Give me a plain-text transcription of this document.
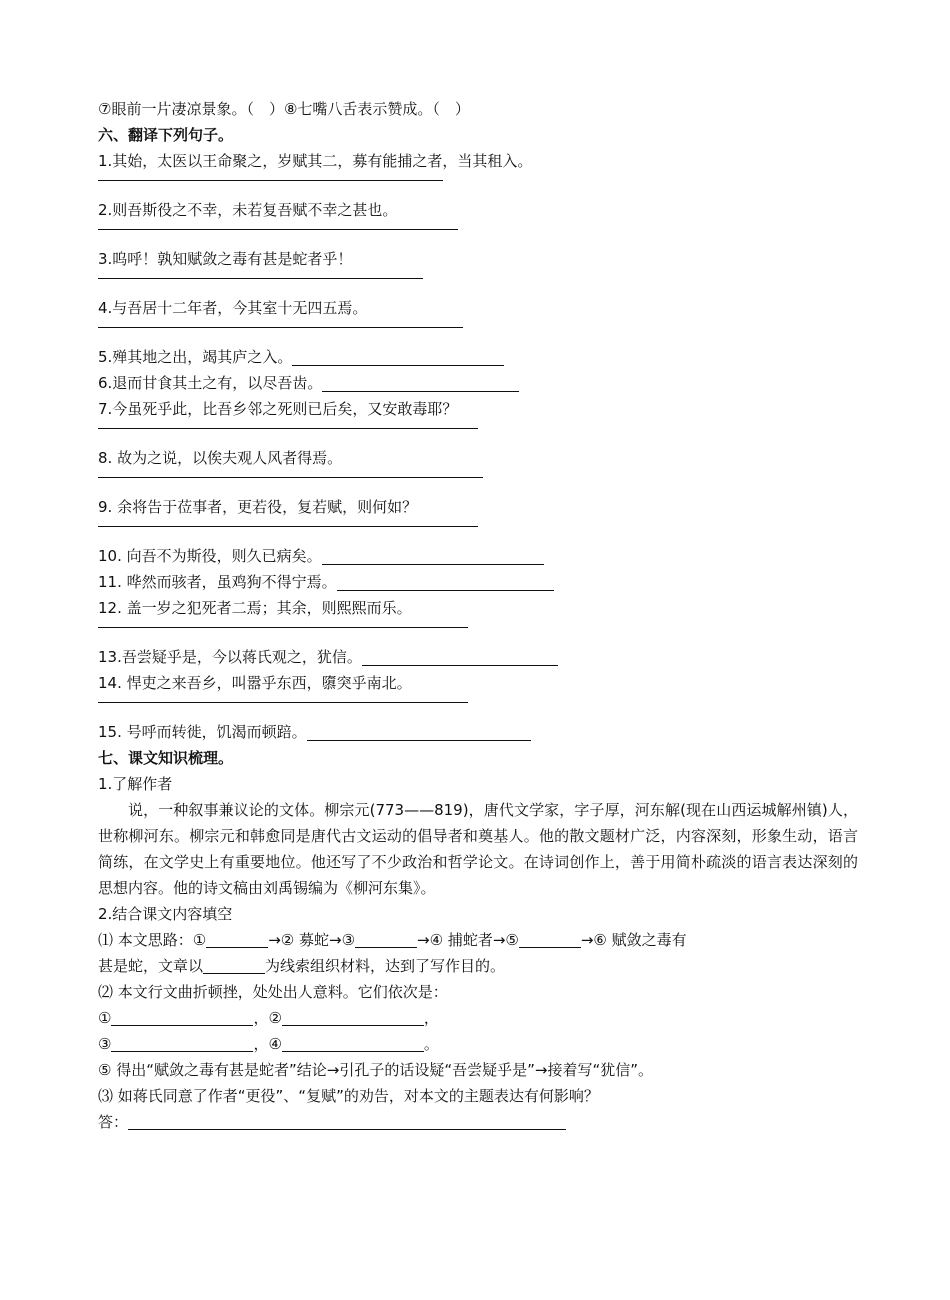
⑦眼前一片凄凉景象。（　）⑧七嘴八舌表示赞成。（　）
六、翻译下列句子。
1.其始，太医以王命聚之，岁赋其二，募有能捕之者，当其租入。
2.则吾斯役之不幸，未若复吾赋不幸之甚也。
3.呜呼！孰知赋敛之毒有甚是蛇者乎！
4.与吾居十二年者，今其室十无四五焉。
5.殚其地之出，竭其庐之入。
6.退而甘食其土之有，以尽吾齿。
7.今虽死乎此，比吾乡邻之死则已后矣，又安敢毒耶？
8. 故为之说，以俟夫观人风者得焉。
9. 余将告于莅事者，更若役，复若赋，则何如？
10. 向吾不为斯役，则久已病矣。
11. 哗然而骇者，虽鸡狗不得宁焉。
12. 盖一岁之犯死者二焉；其余，则熙熙而乐。
13.吾尝疑乎是，今以蒋氏观之，犹信。
14. 悍吏之来吾乡，叫嚣乎东西，隳突乎南北。
15. 号呼而转徙，饥渴而顿踣。
七、课文知识梳理。
1.了解作者
说，一种叙事兼议论的文体。柳宗元(773——819)，唐代文学家，字子厚，河东解(现在山西运城解州镇)人，世称柳河东。柳宗元和韩愈同是唐代古文运动的倡导者和奠基人。他的散文题材广泛，内容深刻，形象生动，语言简练，在文学史上有重要地位。他还写了不少政治和哲学论文。在诗词创作上，善于用简朴疏淡的语言表达深刻的思想内容。他的诗文稿由刘禹锡编为《柳河东集》。
2.结合课文内容填空
⑴ 本文思路：①	→② 募蛇→③	→④ 捕蛇者→⑤	→⑥ 赋敛之毒有
甚是蛇，文章以	为线索组织材料，达到了写作目的。
⑵ 本文行文曲折顿挫，处处出人意料。它们依次是：
①	，②	，
③	，④	。
⑤ 得出“赋敛之毒有甚是蛇者”结论→引孔子的话设疑“吾尝疑乎是”→接着写“犹信”。
⑶ 如蒋氏同意了作者“更役”、“复赋”的劝告，对本文的主题表达有何影响？
答：
